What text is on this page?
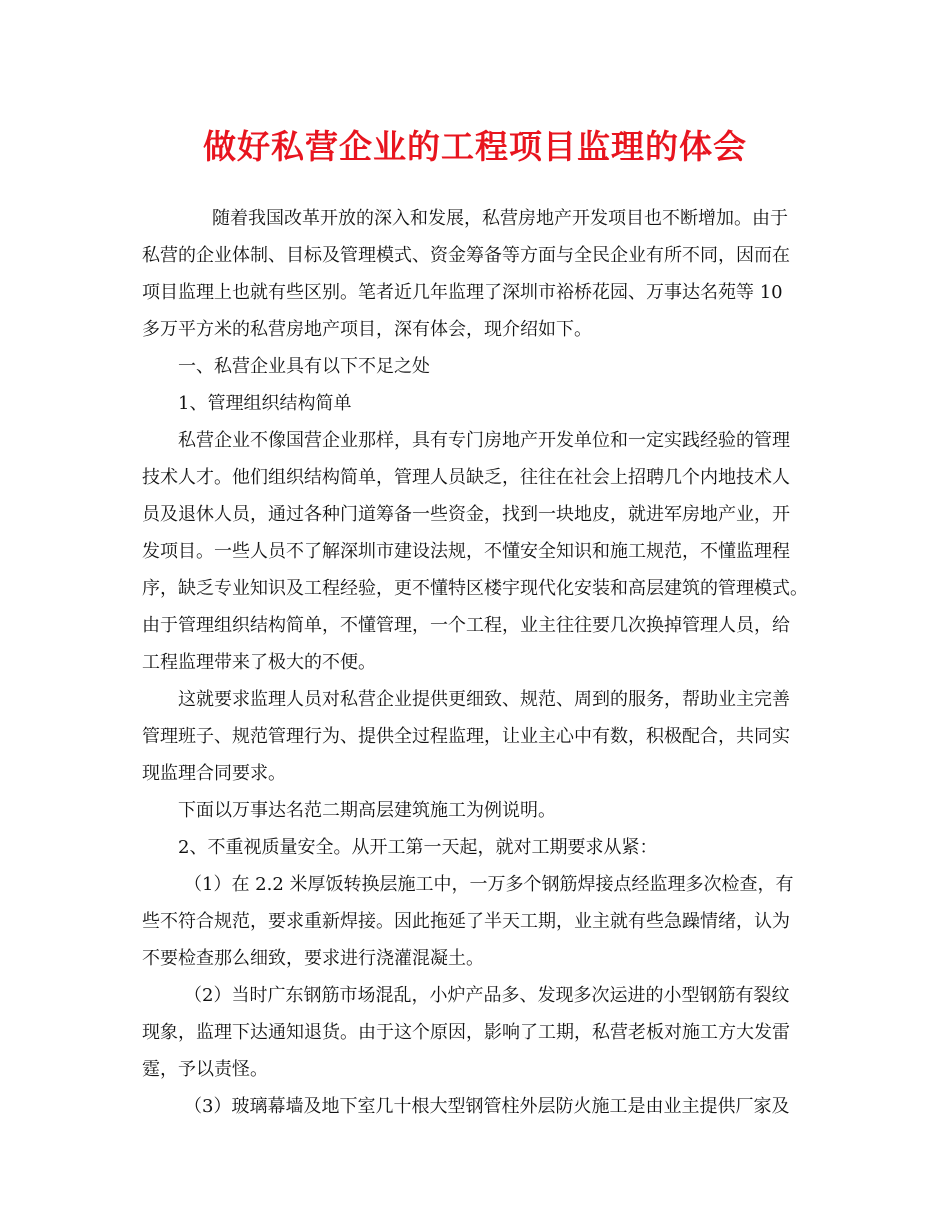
做好私营企业的工程项目监理的体会
随着我国改革开放的深入和发展，私营房地产开发项目也不断增加。由于
私营的企业体制、目标及管理模式、资金筹备等方面与全民企业有所不同，因而在
项目监理上也就有些区别。笔者近几年监理了深圳市裕桥花园、万事达名苑等 10
多万平方米的私营房地产项目，深有体会，现介绍如下。
一、私营企业具有以下不足之处
1、管理组织结构简单
私营企业不像国营企业那样，具有专门房地产开发单位和一定实践经验的管理
技术人才。他们组织结构简单，管理人员缺乏，往往在社会上招聘几个内地技术人
员及退休人员，通过各种门道筹备一些资金，找到一块地皮，就进军房地产业，开
发项目。一些人员不了解深圳市建设法规，不懂安全知识和施工规范，不懂监理程
序，缺乏专业知识及工程经验，更不懂特区楼宇现代化安装和高层建筑的管理模式。
由于管理组织结构简单，不懂管理，一个工程，业主往往要几次换掉管理人员，给
工程监理带来了极大的不便。
这就要求监理人员对私营企业提供更细致、规范、周到的服务，帮助业主完善
管理班子、规范管理行为、提供全过程监理，让业主心中有数，积极配合，共同实
现监理合同要求。
下面以万事达名范二期高层建筑施工为例说明。
2、不重视质量安全。从开工第一天起，就对工期要求从紧：
（1）在 2.2 米厚饭转换层施工中，一万多个钢筋焊接点经监理多次检查，有
些不符合规范，要求重新焊接。因此拖延了半天工期，业主就有些急躁情绪，认为
不要检查那么细致，要求进行浇灌混凝土。
（2）当时广东钢筋市场混乱，小炉产品多、发现多次运进的小型钢筋有裂纹
现象，监理下达通知退货。由于这个原因，影响了工期，私营老板对施工方大发雷
霆，予以责怪。
（3）玻璃幕墙及地下室几十根大型钢管柱外层防火施工是由业主提供厂家及
